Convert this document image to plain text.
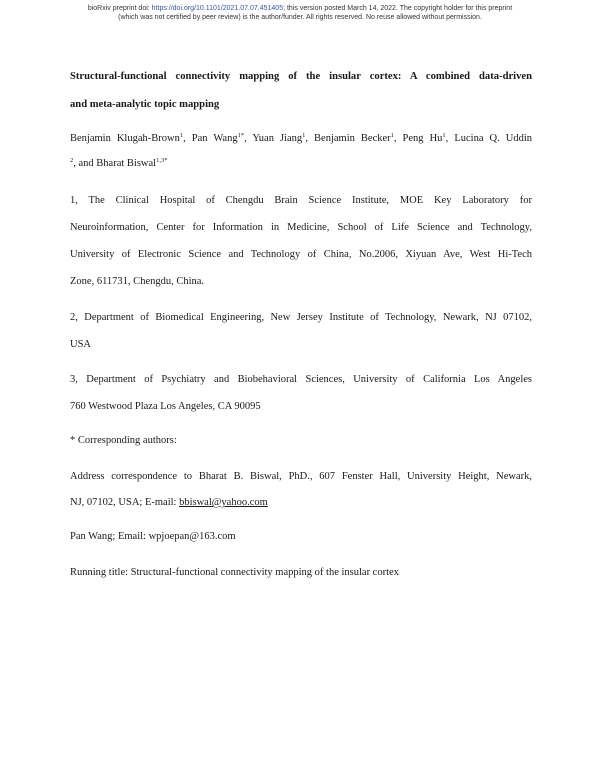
bioRxiv preprint doi: https://doi.org/10.1101/2021.07.07.451405; this version posted March 14, 2022. The copyright holder for this preprint
(which was not certified by peer review) is the author/funder. All rights reserved. No reuse allowed without permission.
Structural-functional connectivity mapping of the insular cortex: A combined data-driven
and meta-analytic topic mapping
Benjamin Klugah-Brown$^1$, Pan Wang$^{1*}$, Yuan Jiang$^1$, Benjamin Becker$^1$, Peng Hu$^1$, Lucina Q. Uddin
$^2$, and Bharat Biswal$^{1,3*}$
1, The Clinical Hospital of Chengdu Brain Science Institute, MOE Key Laboratory for
Neuroinformation, Center for Information in Medicine, School of Life Science and Technology,
University of Electronic Science and Technology of China, No.2006, Xiyuan Ave, West Hi-Tech
Zone, 611731, Chengdu, China.
2, Department of Biomedical Engineering, New Jersey Institute of Technology, Newark, NJ 07102,
USA
3, Department of Psychiatry and Biobehavioral Sciences, University of California Los Angeles
760 Westwood Plaza Los Angeles, CA 90095
* Corresponding authors:
Address correspondence to Bharat B. Biswal, PhD., 607 Fenster Hall, University Height, Newark,
NJ, 07102, USA; E-mail: bbiswal@yahoo.com
Pan Wang; Email: wpjoepan@163.com
Running title: Structural-functional connectivity mapping of the insular cortex
